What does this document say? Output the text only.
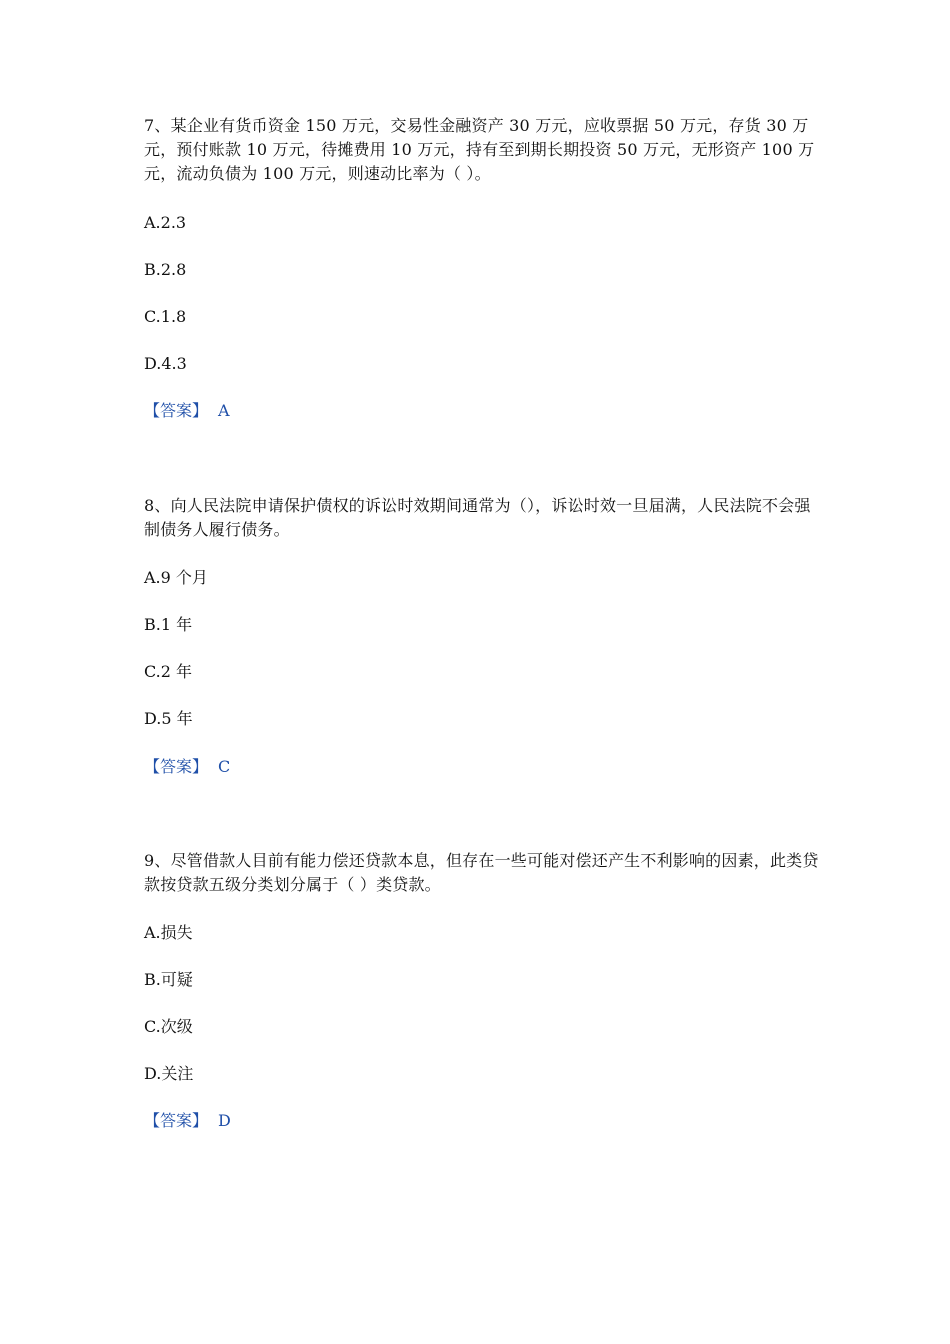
7、某企业有货币资金 150 万元，交易性金融资产 30 万元，应收票据 50 万元，存货 30 万元，预付账款 10 万元，待摊费用 10 万元，持有至到期长期投资 50 万元，无形资产 100 万元，流动负债为 100 万元，则速动比率为（ ）。

A.2.3

B.2.8

C.1.8

D.4.3

【答案】 A

8、向人民法院申请保护债权的诉讼时效期间通常为（），诉讼时效一旦届满，人民法院不会强制债务人履行债务。

A.9 个月

B.1 年

C.2 年

D.5 年

【答案】 C

9、尽管借款人目前有能力偿还贷款本息，但存在一些可能对偿还产生不利影响的因素，此类贷款按贷款五级分类划分属于（ ）类贷款。

A.损失

B.可疑

C.次级

D.关注

【答案】 D
